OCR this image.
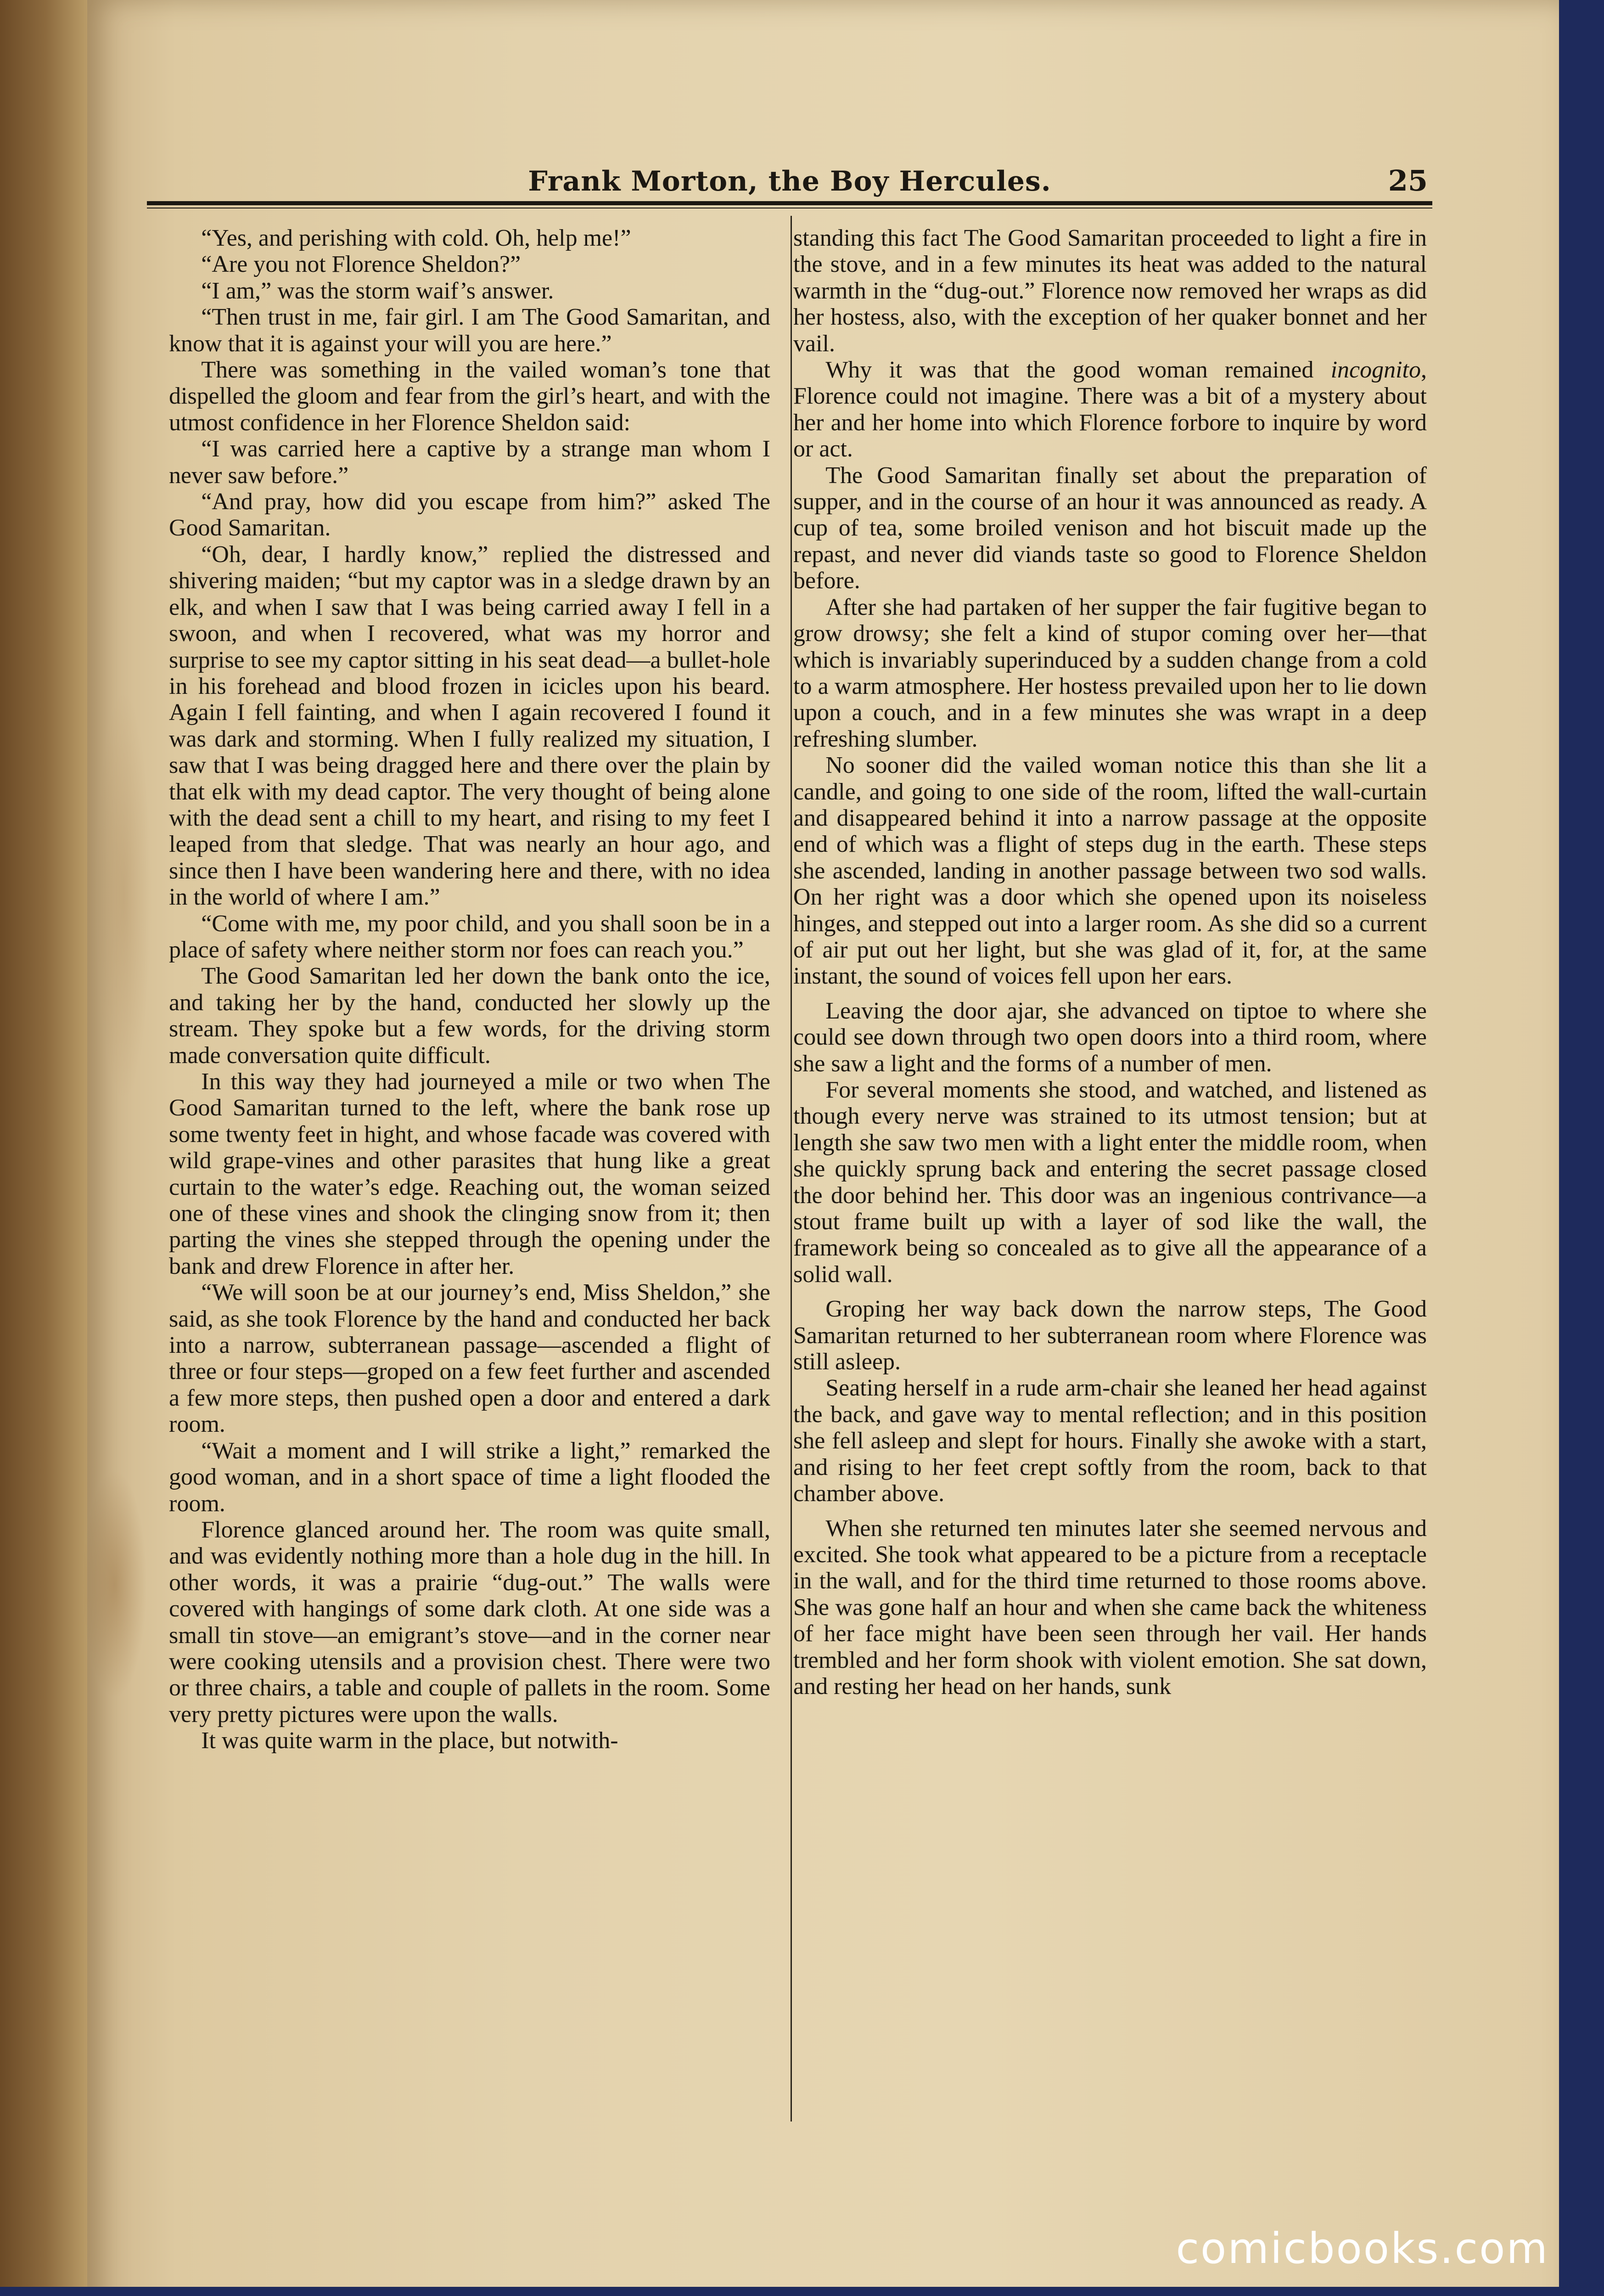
Frank Morton, the Boy Hercules.	25

“Yes, and perishing with cold. Oh, help me!”

“Are you not Florence Sheldon?”

“I am,” was the storm waif’s answer.

“Then trust in me, fair girl. I am The Good Samaritan, and know that it is against your will you are here.”

There was something in the vailed woman’s tone that dispelled the gloom and fear from the girl’s heart, and with the utmost confidence in her Florence Sheldon said:

“I was carried here a captive by a strange man whom I never saw before.”

“And pray, how did you escape from him?” asked The Good Samaritan.

“Oh, dear, I hardly know,” replied the distressed and shivering maiden; “but my captor was in a sledge drawn by an elk, and when I saw that I was being carried away I fell in a swoon, and when I recovered, what was my horror and surprise to see my captor sitting in his seat dead—a bullet-hole in his forehead and blood frozen in icicles upon his beard. Again I fell fainting, and when I again recovered I found it was dark and storming. When I fully realized my situation, I saw that I was being dragged here and there over the plain by that elk with my dead captor. The very thought of being alone with the dead sent a chill to my heart, and rising to my feet I leaped from that sledge. That was nearly an hour ago, and since then I have been wandering here and there, with no idea in the world of where I am.”

“Come with me, my poor child, and you shall soon be in a place of safety where neither storm nor foes can reach you.”

The Good Samaritan led her down the bank onto the ice, and taking her by the hand, conducted her slowly up the stream. They spoke but a few words, for the driving storm made conversation quite difficult.

In this way they had journeyed a mile or two when The Good Samaritan turned to the left, where the bank rose up some twenty feet in hight, and whose facade was covered with wild grape-vines and other parasites that hung like a great curtain to the water’s edge. Reaching out, the woman seized one of these vines and shook the clinging snow from it; then parting the vines she stepped through the opening under the bank and drew Florence in after her.

“We will soon be at our journey’s end, Miss Sheldon,” she said, as she took Florence by the hand and conducted her back into a narrow, subterranean passage—ascended a flight of three or four steps—groped on a few feet further and ascended a few more steps, then pushed open a door and entered a dark room.

“Wait a moment and I will strike a light,” remarked the good woman, and in a short space of time a light flooded the room.

Florence glanced around her. The room was quite small, and was evidently nothing more than a hole dug in the hill. In other words, it was a prairie “dug-out.” The walls were covered with hangings of some dark cloth. At one side was a small tin stove—an emigrant’s stove—and in the corner near were cooking utensils and a provision chest. There were two or three chairs, a table and couple of pallets in the room. Some very pretty pictures were upon the walls.

It was quite warm in the place, but notwith-

standing this fact The Good Samaritan proceeded to light a fire in the stove, and in a few minutes its heat was added to the natural warmth in the “dug-out.” Florence now removed her wraps as did her hostess, also, with the exception of her quaker bonnet and her vail.

Why it was that the good woman remained incognito, Florence could not imagine. There was a bit of a mystery about her and her home into which Florence forbore to inquire by word or act.

The Good Samaritan finally set about the preparation of supper, and in the course of an hour it was announced as ready. A cup of tea, some broiled venison and hot biscuit made up the repast, and never did viands taste so good to Florence Sheldon before.

After she had partaken of her supper the fair fugitive began to grow drowsy; she felt a kind of stupor coming over her—that which is invariably superinduced by a sudden change from a cold to a warm atmosphere. Her hostess prevailed upon her to lie down upon a couch, and in a few minutes she was wrapt in a deep refreshing slumber.

No sooner did the vailed woman notice this than she lit a candle, and going to one side of the room, lifted the wall-curtain and disappeared behind it into a narrow passage at the opposite end of which was a flight of steps dug in the earth. These steps she ascended, landing in another passage between two sod walls. On her right was a door which she opened upon its noiseless hinges, and stepped out into a larger room. As she did so a current of air put out her light, but she was glad of it, for, at the same instant, the sound of voices fell upon her ears.

Leaving the door ajar, she advanced on tiptoe to where she could see down through two open doors into a third room, where she saw a light and the forms of a number of men.

For several moments she stood, and watched, and listened as though every nerve was strained to its utmost tension; but at length she saw two men with a light enter the middle room, when she quickly sprung back and entering the secret passage closed the door behind her. This door was an ingenious contrivance—a stout frame built up with a layer of sod like the wall, the framework being so concealed as to give all the appearance of a solid wall.

Groping her way back down the narrow steps, The Good Samaritan returned to her subterranean room where Florence was still asleep.

Seating herself in a rude arm-chair she leaned her head against the back, and gave way to mental reflection; and in this position she fell asleep and slept for hours. Finally she awoke with a start, and rising to her feet crept softly from the room, back to that chamber above.

When she returned ten minutes later she seemed nervous and excited. She took what appeared to be a picture from a receptacle in the wall, and for the third time returned to those rooms above. She was gone half an hour and when she came back the whiteness of her face might have been seen through her vail. Her hands trembled and her form shook with violent emotion. She sat down, and resting her head on her hands, sunk

comicbooks.com
